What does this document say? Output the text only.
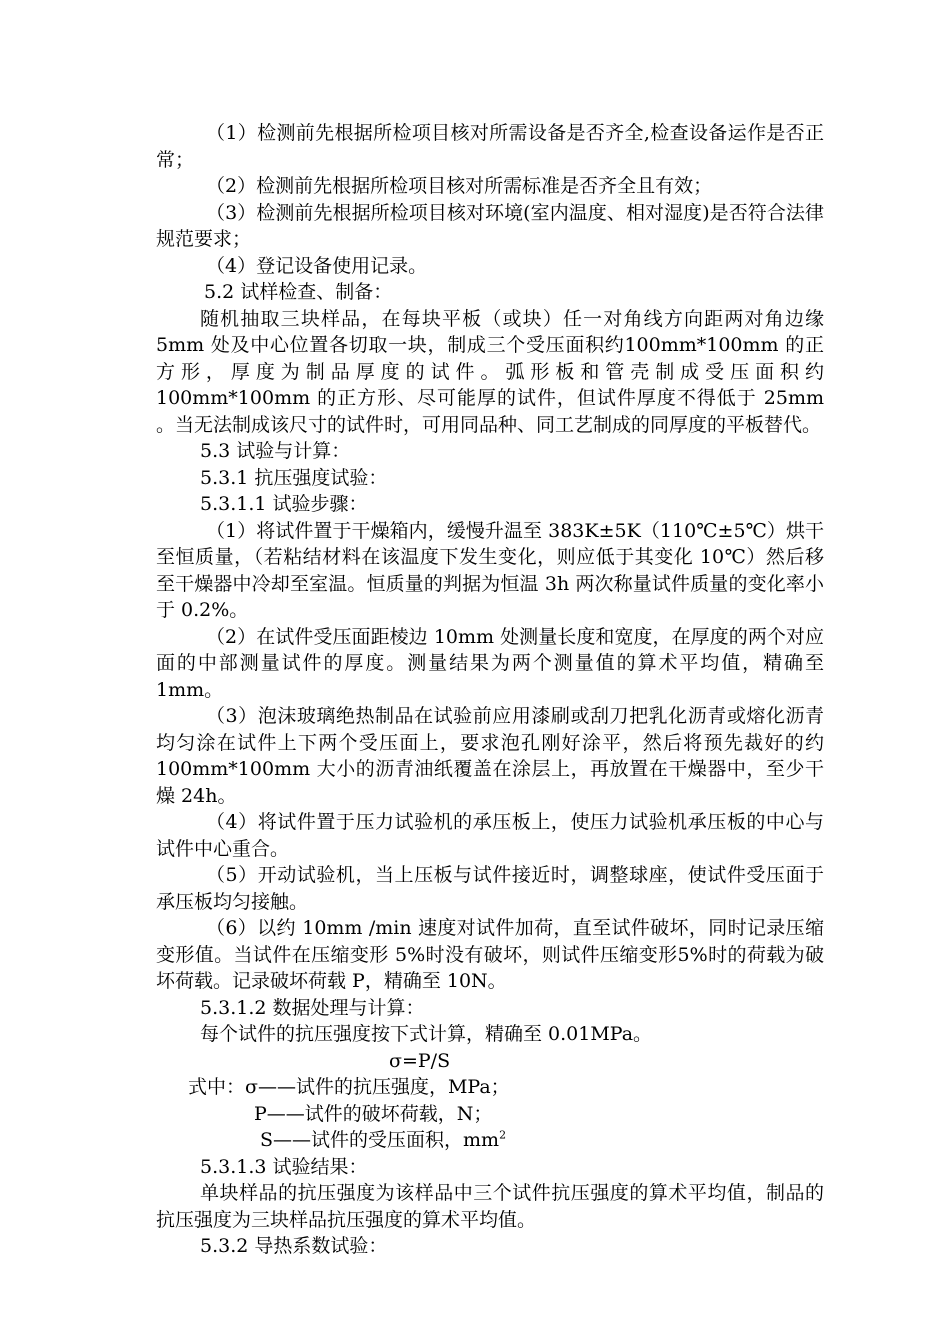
（1）检测前先根据所检项目核对所需设备是否齐全,检查设备运作是否正常；

（2）检测前先根据所检项目核对所需标准是否齐全且有效；

（3）检测前先根据所检项目核对环境(室内温度、相对湿度)是否符合法律规范要求；

（4）登记设备使用记录。

5.2 试样检查、制备：

随机抽取三块样品，在每块平板（或块）任一对角线方向距两对角边缘 5mm 处及中心位置各切取一块，制成三个受压面积约100mm*100mm 的正方形，厚度为制品厚度的试件。弧形板和管壳制成受压面积约 100mm*100mm 的正方形、尽可能厚的试件，但试件厚度不得低于 25mm 。当无法制成该尺寸的试件时，可用同品种、同工艺制成的同厚度的平板替代。

5.3 试验与计算：

5.3.1 抗压强度试验：

5.3.1.1 试验步骤：

（1）将试件置于干燥箱内，缓慢升温至 383K±5K（110℃±5℃）烘干至恒质量，（若粘结材料在该温度下发生变化，则应低于其变化 10℃）然后移至干燥器中冷却至室温。恒质量的判据为恒温 3h 两次称量试件质量的变化率小于 0.2%。

（2）在试件受压面距棱边 10mm 处测量长度和宽度，在厚度的两个对应面的中部测量试件的厚度。测量结果为两个测量值的算术平均值，精确至 1mm。

（3）泡沫玻璃绝热制品在试验前应用漆刷或刮刀把乳化沥青或熔化沥青均匀涂在试件上下两个受压面上，要求泡孔刚好涂平，然后将预先裁好的约 100mm*100mm 大小的沥青油纸覆盖在涂层上，再放置在干燥器中，至少干燥 24h。

（4）将试件置于压力试验机的承压板上，使压力试验机承压板的中心与试件中心重合。

（5）开动试验机，当上压板与试件接近时，调整球座，使试件受压面于承压板均匀接触。

（6）以约 10mm /min 速度对试件加荷，直至试件破坏，同时记录压缩变形值。当试件在压缩变形 5%时没有破坏，则试件压缩变形5%时的荷载为破坏荷载。记录破坏荷载 P，精确至 10N。

5.3.1.2 数据处理与计算：

每个试件的抗压强度按下式计算，精确至 0.01MPa。

σ=P/S

式中：σ——试件的抗压强度，MPa；

P——试件的破坏荷载，N；

S——试件的受压面积，$mm^2$

5.3.1.3 试验结果：

单块样品的抗压强度为该样品中三个试件抗压强度的算术平均值，制品的抗压强度为三块样品抗压强度的算术平均值。

5.3.2 导热系数试验：
